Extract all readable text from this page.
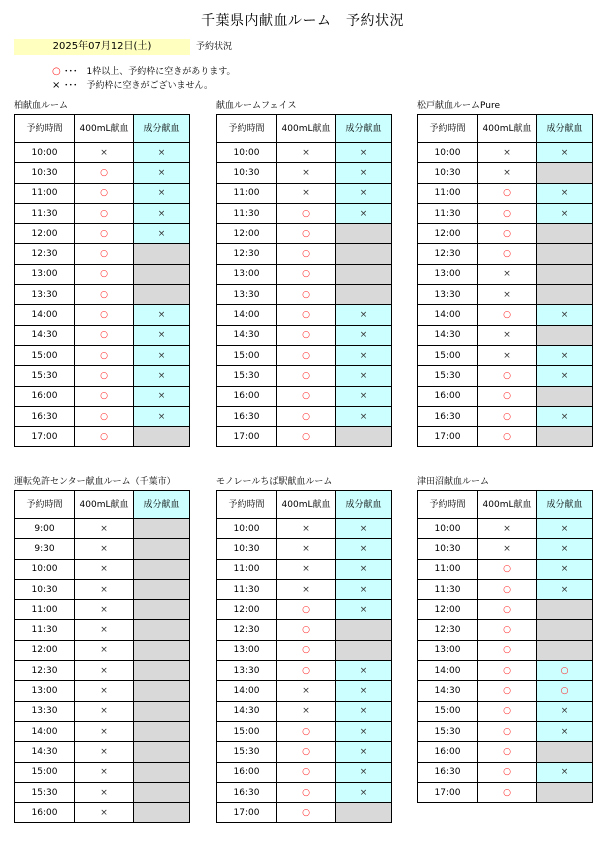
千葉県内献血ルーム　予約状況
2025年07月12日(土)	予約状況
○ ･･･　1枠以上、予約枠に空きがあります。
× ･･･　予約枠に空きがございません。
柏献血ルーム
予約時間	400mL献血	成分献血
10:00	×	×
10:30	○	×
11:00	○	×
11:30	○	×
12:00	○	×
12:30	○	
13:00	○	
13:30	○	
14:00	○	×
14:30	○	×
15:00	○	×
15:30	○	×
16:00	○	×
16:30	○	×
17:00	○	
献血ルームフェイス
予約時間	400mL献血	成分献血
10:00	×	×
10:30	×	×
11:00	×	×
11:30	○	×
12:00	○	
12:30	○	
13:00	○	
13:30	○	
14:00	○	×
14:30	○	×
15:00	○	×
15:30	○	×
16:00	○	×
16:30	○	×
17:00	○	
松戸献血ルームPure
予約時間	400mL献血	成分献血
10:00	×	×
10:30	×	
11:00	○	×
11:30	○	×
12:00	○	
12:30	○	
13:00	×	
13:30	×	
14:00	○	×
14:30	×	
15:00	×	×
15:30	○	×
16:00	○	
16:30	○	×
17:00	○	
運転免許センター献血ルーム（千葉市）
予約時間	400mL献血	成分献血
9:00	×	
9:30	×	
10:00	×	
10:30	×	
11:00	×	
11:30	×	
12:00	×	
12:30	×	
13:00	×	
13:30	×	
14:00	×	
14:30	×	
15:00	×	
15:30	×	
16:00	×	
モノレールちば駅献血ルーム
予約時間	400mL献血	成分献血
10:00	×	×
10:30	×	×
11:00	×	×
11:30	×	×
12:00	○	×
12:30	○	
13:00	○	
13:30	○	×
14:00	×	×
14:30	×	×
15:00	○	×
15:30	○	×
16:00	○	×
16:30	○	×
17:00	○	
津田沼献血ルーム
予約時間	400mL献血	成分献血
10:00	×	×
10:30	×	×
11:00	○	×
11:30	○	×
12:00	○	
12:30	○	
13:00	○	
14:00	○	○
14:30	○	○
15:00	○	×
15:30	○	×
16:00	○	
16:30	○	×
17:00	○	
